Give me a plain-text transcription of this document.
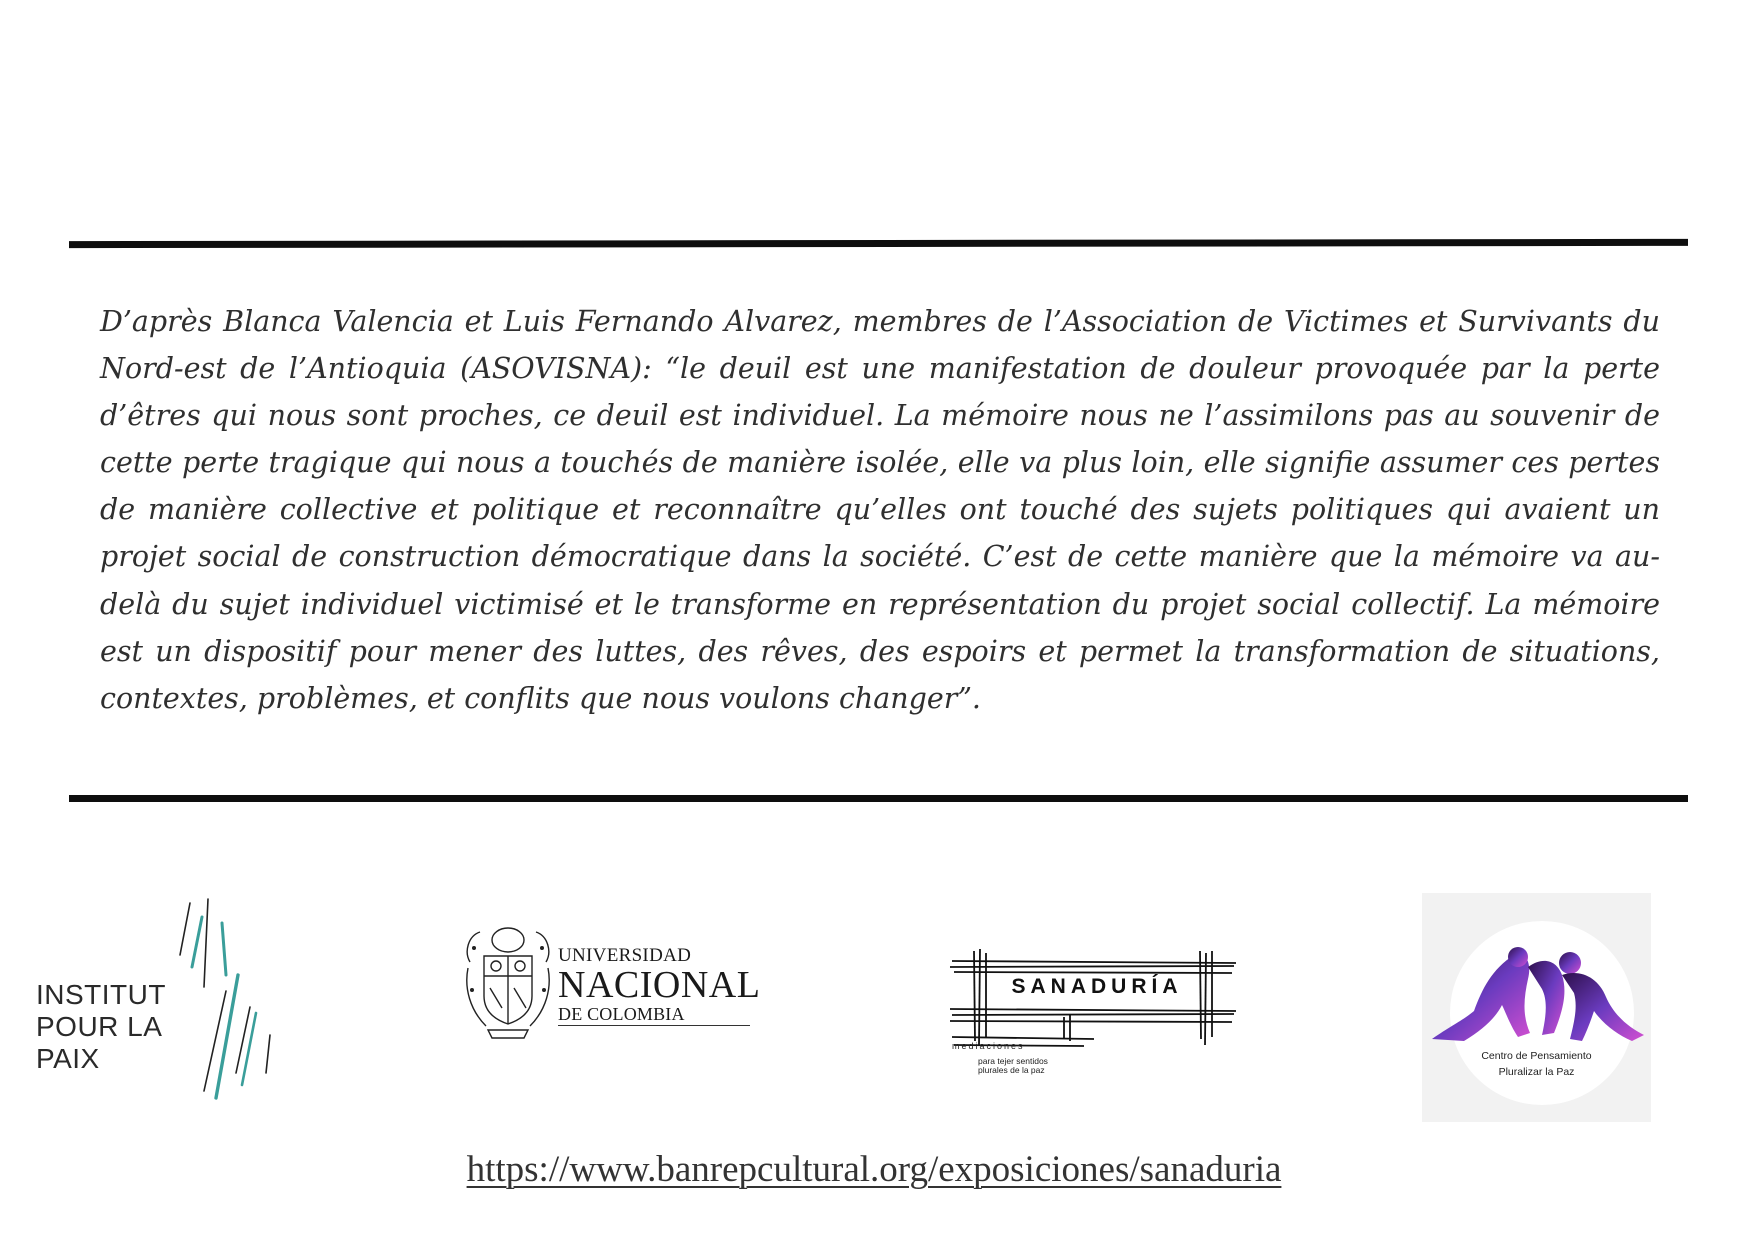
D’après Blanca Valencia et Luis Fernando Alvarez, membres de l’Association de Victimes et Survivants du Nord-est de l’Antioquia (ASOVISNA): “le deuil est une manifestation de douleur provoquée par la perte d’êtres qui nous sont proches, ce deuil est individuel. La mémoire nous ne l’assimilons pas au souvenir de cette perte tragique qui nous a touchés de manière isolée, elle va plus loin, elle signifie assumer ces pertes de manière collective et politique et reconnaître qu’elles ont touché des sujets politiques qui avaient un projet social de construction démocratique dans la société. C’est de cette manière que la mémoire va au-delà du sujet individuel victimisé et le transforme en représentation du projet social collectif. La mémoire est un dispositif pour mener des luttes, des rêves, des espoirs et permet la transformation de situations, contextes, problèmes, et conflits que nous voulons changer”.

INSTITUT
POUR LA
PAIX
UNIVERSIDAD
NACIONAL
DE COLOMBIA
SANADURÍA
mediaciones
para tejer sentidos plurales de la paz
Centro de Pensamiento
Pluralizar la Paz
https://www.banrepcultural.org/exposiciones/sanaduria
